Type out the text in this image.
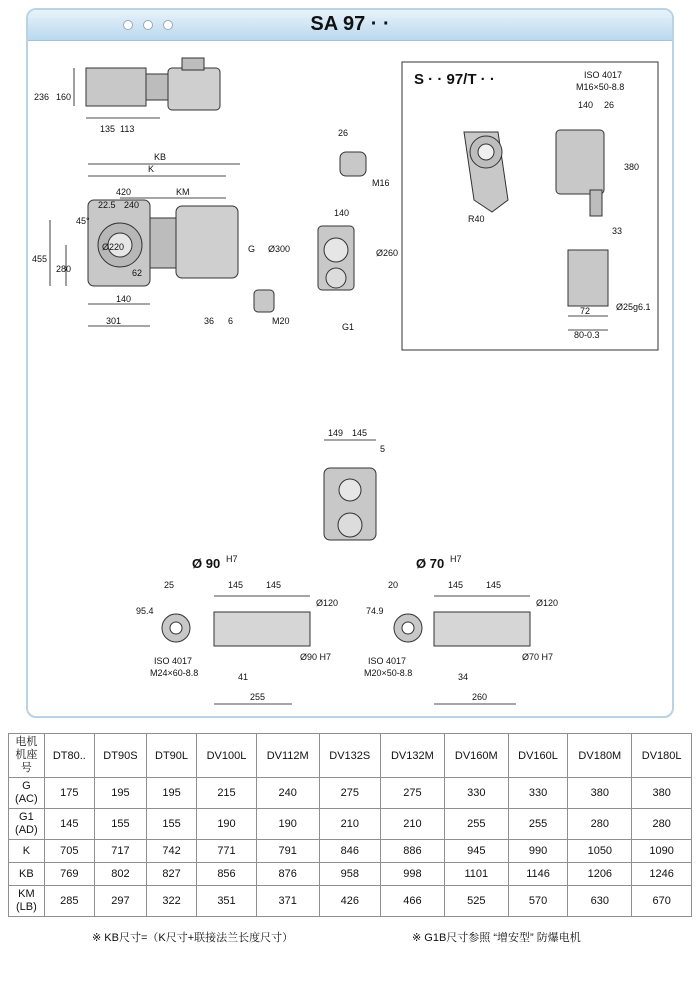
SA 97 · ·
236 160
135 113
KB
K
420	KM
22.5 240
45°
455
280
Ø220
62
G Ø300
140
301	36 6	M20
26
M16
140
Ø260
G1
S · · 97/T · ·	ISO 4017
M16×50-8.8
140 26
380
R40
33
72
80-0.3
Ø25g6.1
149 145
5
Ø 90 H7	Ø 70 H7
25
95.4
145	145
Ø120
Ø90 H7
ISO 4017
M24×60-8.8	41
255
20
74.9
145	145
Ø120
Ø70 H7
ISO 4017
M20×50-8.8	34
260
电机
机座
号	DT80..	DT90S	DT90L	DV100L	DV112M	DV132S	DV132M	DV160M	DV160L	DV180M	DV180L
G
(AC)	175	195	195	215	240	275	275	330	330	380	380
G1
(AD)	145	155	155	190	190	210	210	255	255	280	280
K	705	717	742	771	791	846	886	945	990	1050	1090
KB	769	802	827	856	876	958	998	1101	1146	1206	1246
KM
(LB)	285	297	322	351	371	426	466	525	570	630	670
※ KB尺寸=（K尺寸+联接法兰长度尺寸）	※ G1B尺寸参照 “增安型” 防爆电机
